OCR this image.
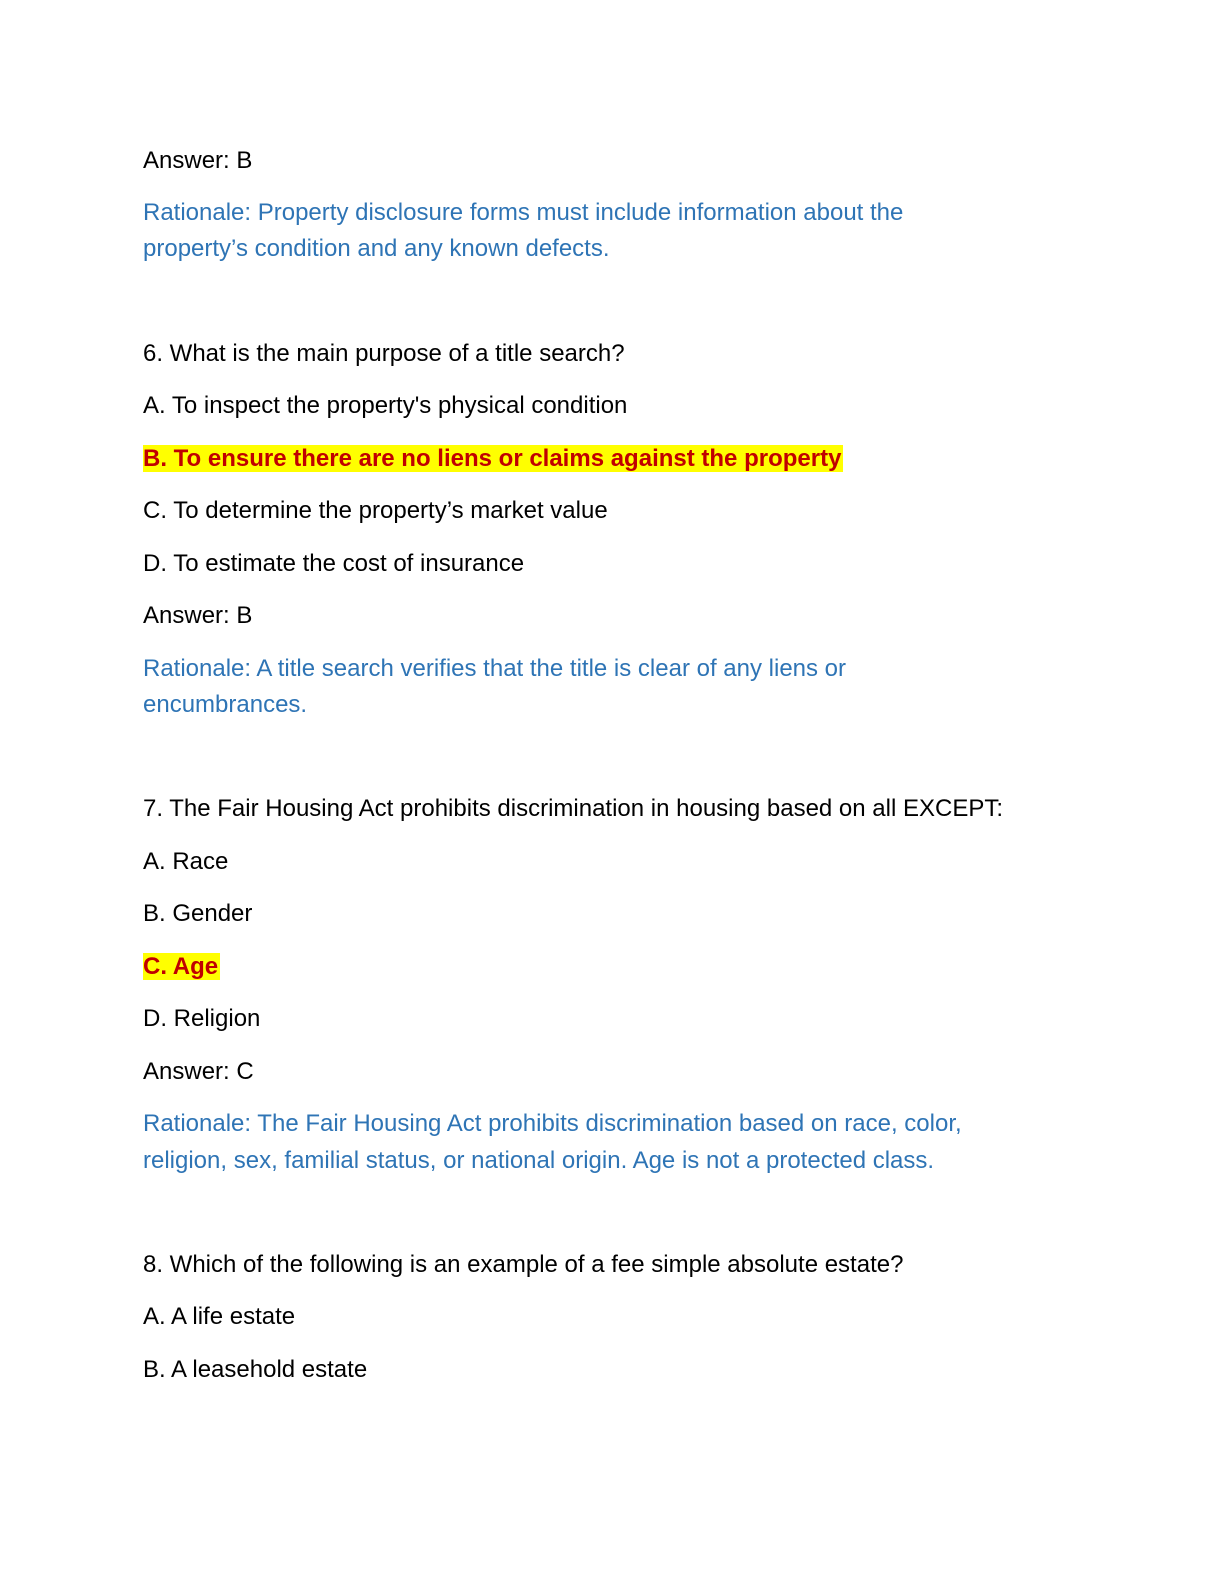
Answer: B

Rationale: Property disclosure forms must include information about the

property’s condition and any known defects.

6. What is the main purpose of a title search?

A. To inspect the property's physical condition

B. To ensure there are no liens or claims against the property

C. To determine the property’s market value

D. To estimate the cost of insurance

Answer: B

Rationale: A title search verifies that the title is clear of any liens or

encumbrances.

7. The Fair Housing Act prohibits discrimination in housing based on all EXCEPT:

A. Race

B. Gender

C. Age

D. Religion

Answer: C

Rationale: The Fair Housing Act prohibits discrimination based on race, color,

religion, sex, familial status, or national origin. Age is not a protected class.

8. Which of the following is an example of a fee simple absolute estate?

A. A life estate

B. A leasehold estate
